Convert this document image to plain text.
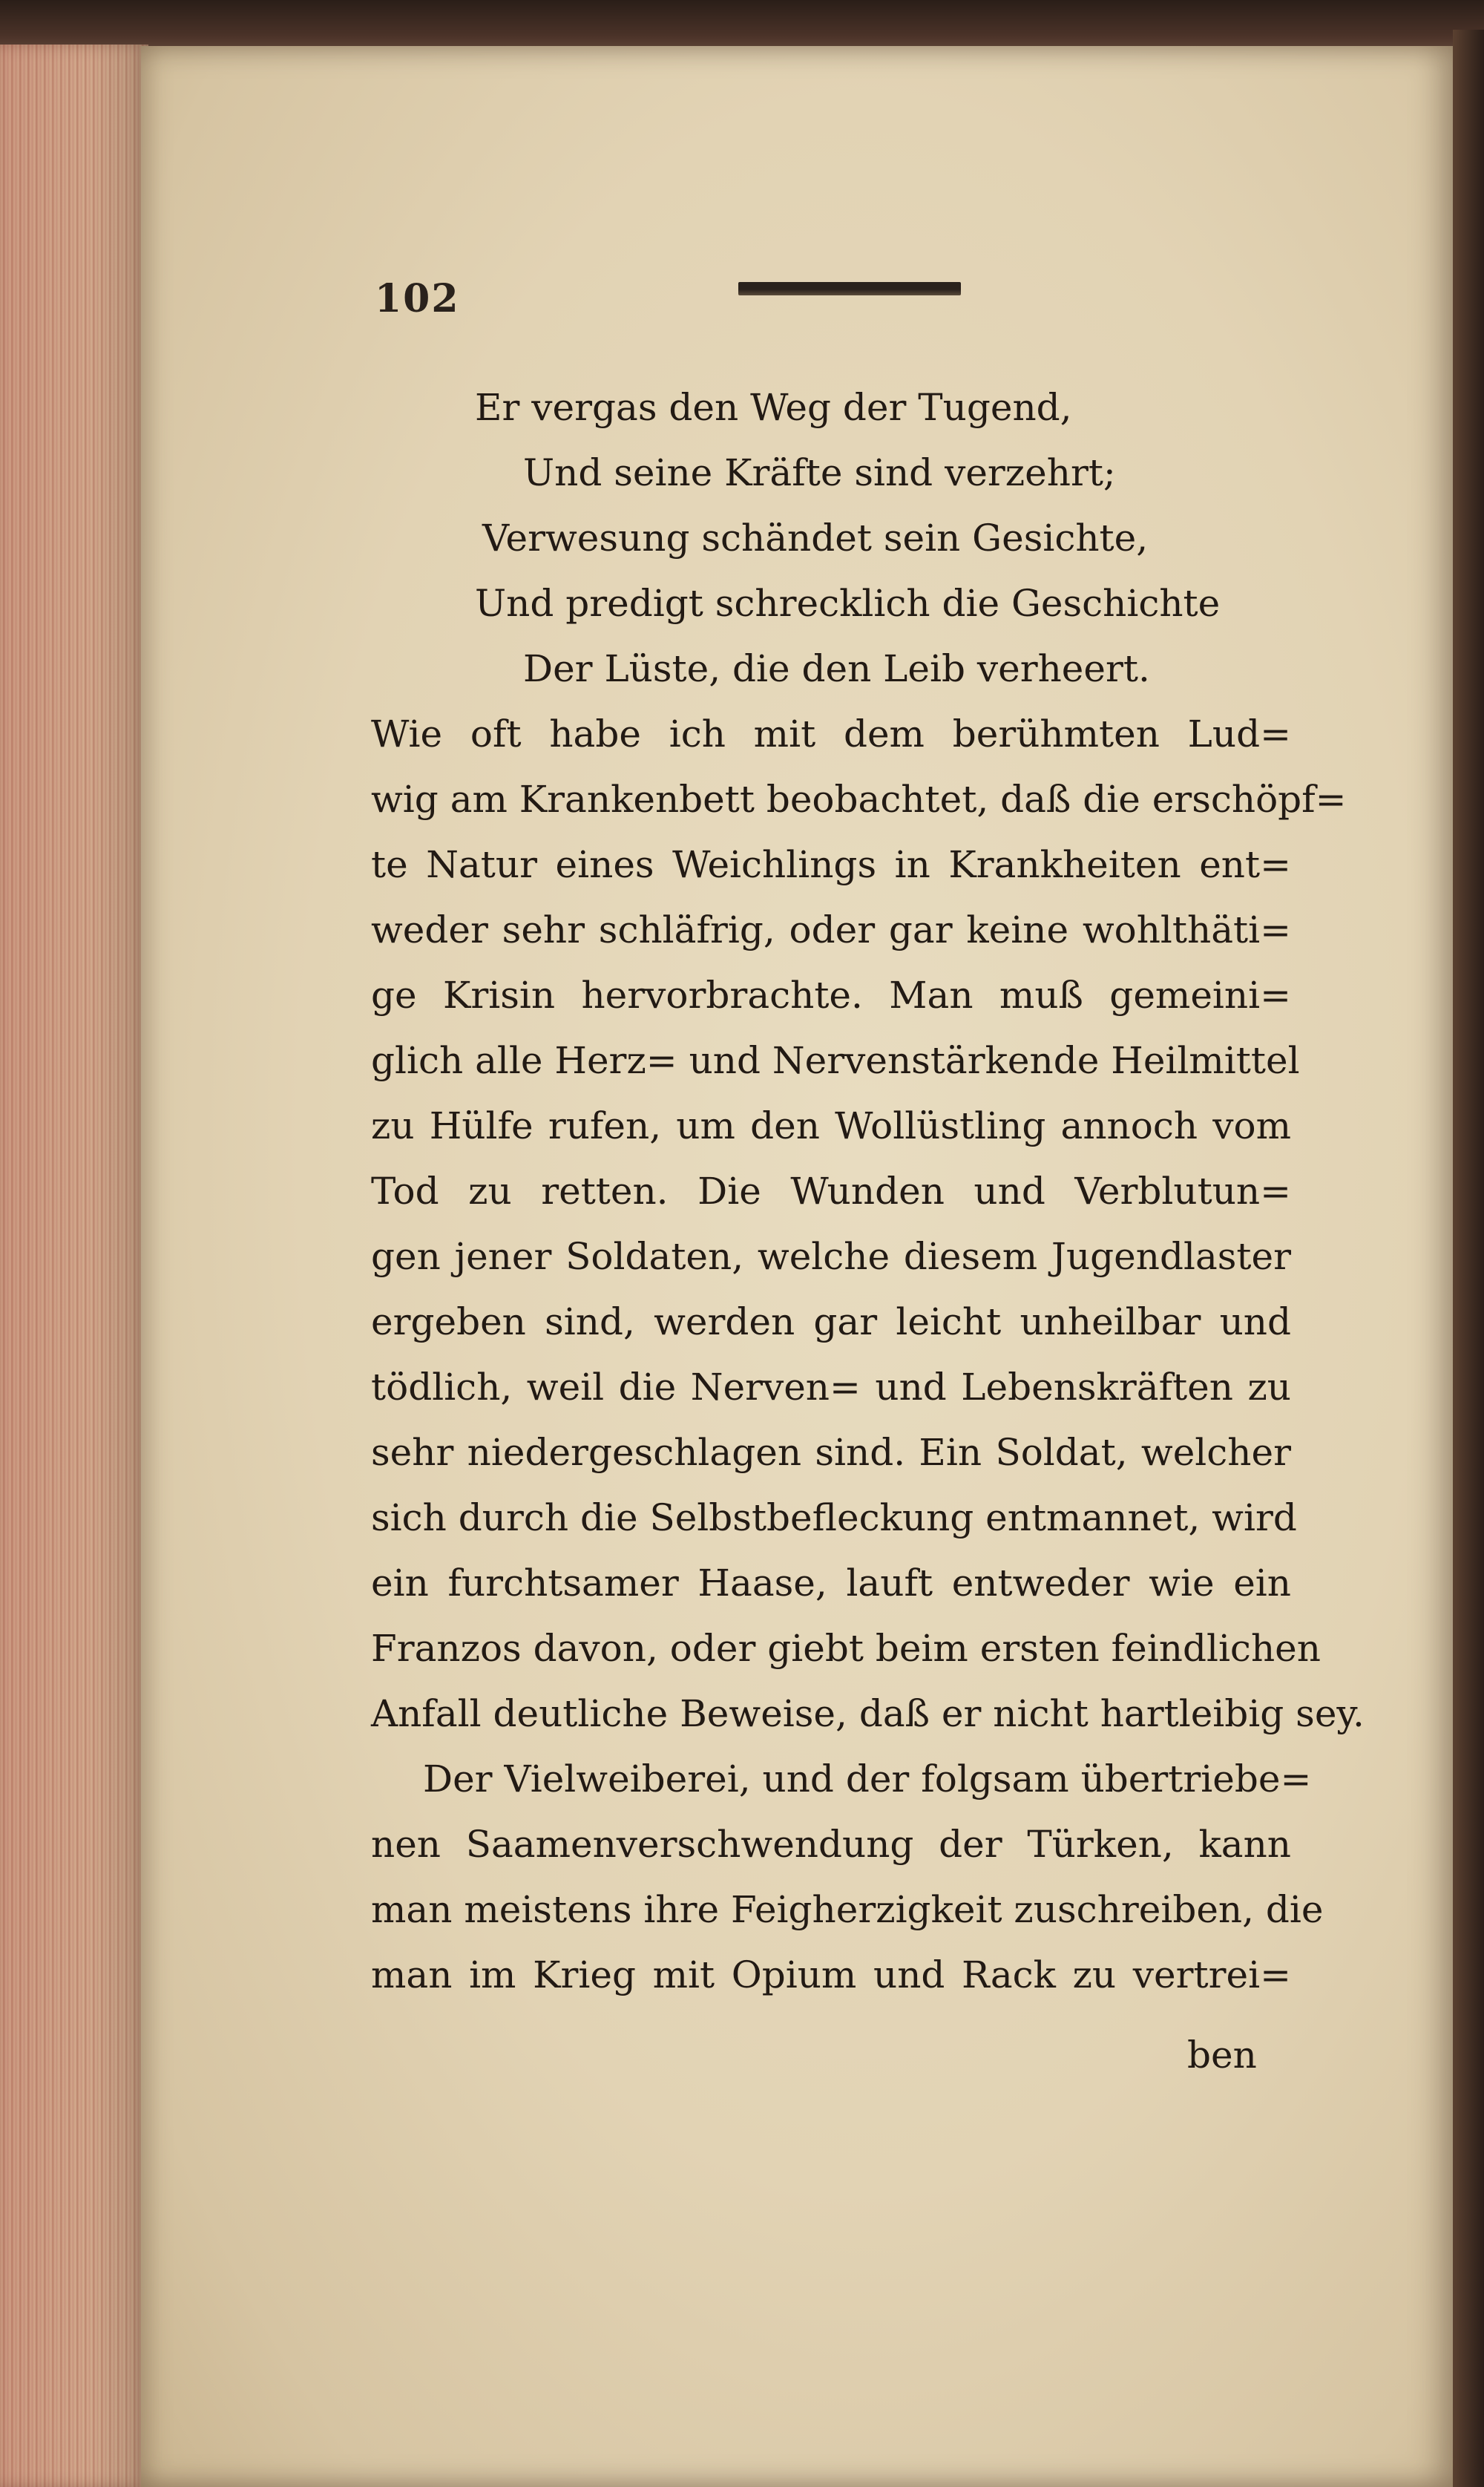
102
Er vergas den Weg der Tugend,
Und seine Kräfte sind verzehrt;
Verwesung schändet sein Gesichte,
Und predigt schrecklich die Geschichte
Der Lüste, die den Leib verheert.
Wie oft habe ich mit dem berühmten Lud=
wig am Krankenbett beobachtet, daß die erschöpf=
te Natur eines Weichlings in Krankheiten ent=
weder sehr schläfrig, oder gar keine wohlthäti=
ge Krisin hervorbrachte. Man muß gemeini=
glich alle Herz= und Nervenstärkende Heilmittel
zu Hülfe rufen, um den Wollüstling annoch vom
Tod zu retten. Die Wunden und Verblutun=
gen jener Soldaten, welche diesem Jugendlaster
ergeben sind, werden gar leicht unheilbar und
tödlich, weil die Nerven= und Lebenskräften zu
sehr niedergeschlagen sind. Ein Soldat, welcher
sich durch die Selbstbefleckung entmannet, wird
ein furchtsamer Haase, lauft entweder wie ein
Franzos davon, oder giebt beim ersten feindlichen
Anfall deutliche Beweise, daß er nicht hartleibig sey.
Der Vielweiberei, und der folgsam übertriebe=
nen Saamenverschwendung der Türken, kann
man meistens ihre Feigherzigkeit zuschreiben, die
man im Krieg mit Opium und Rack zu vertrei=
ben
